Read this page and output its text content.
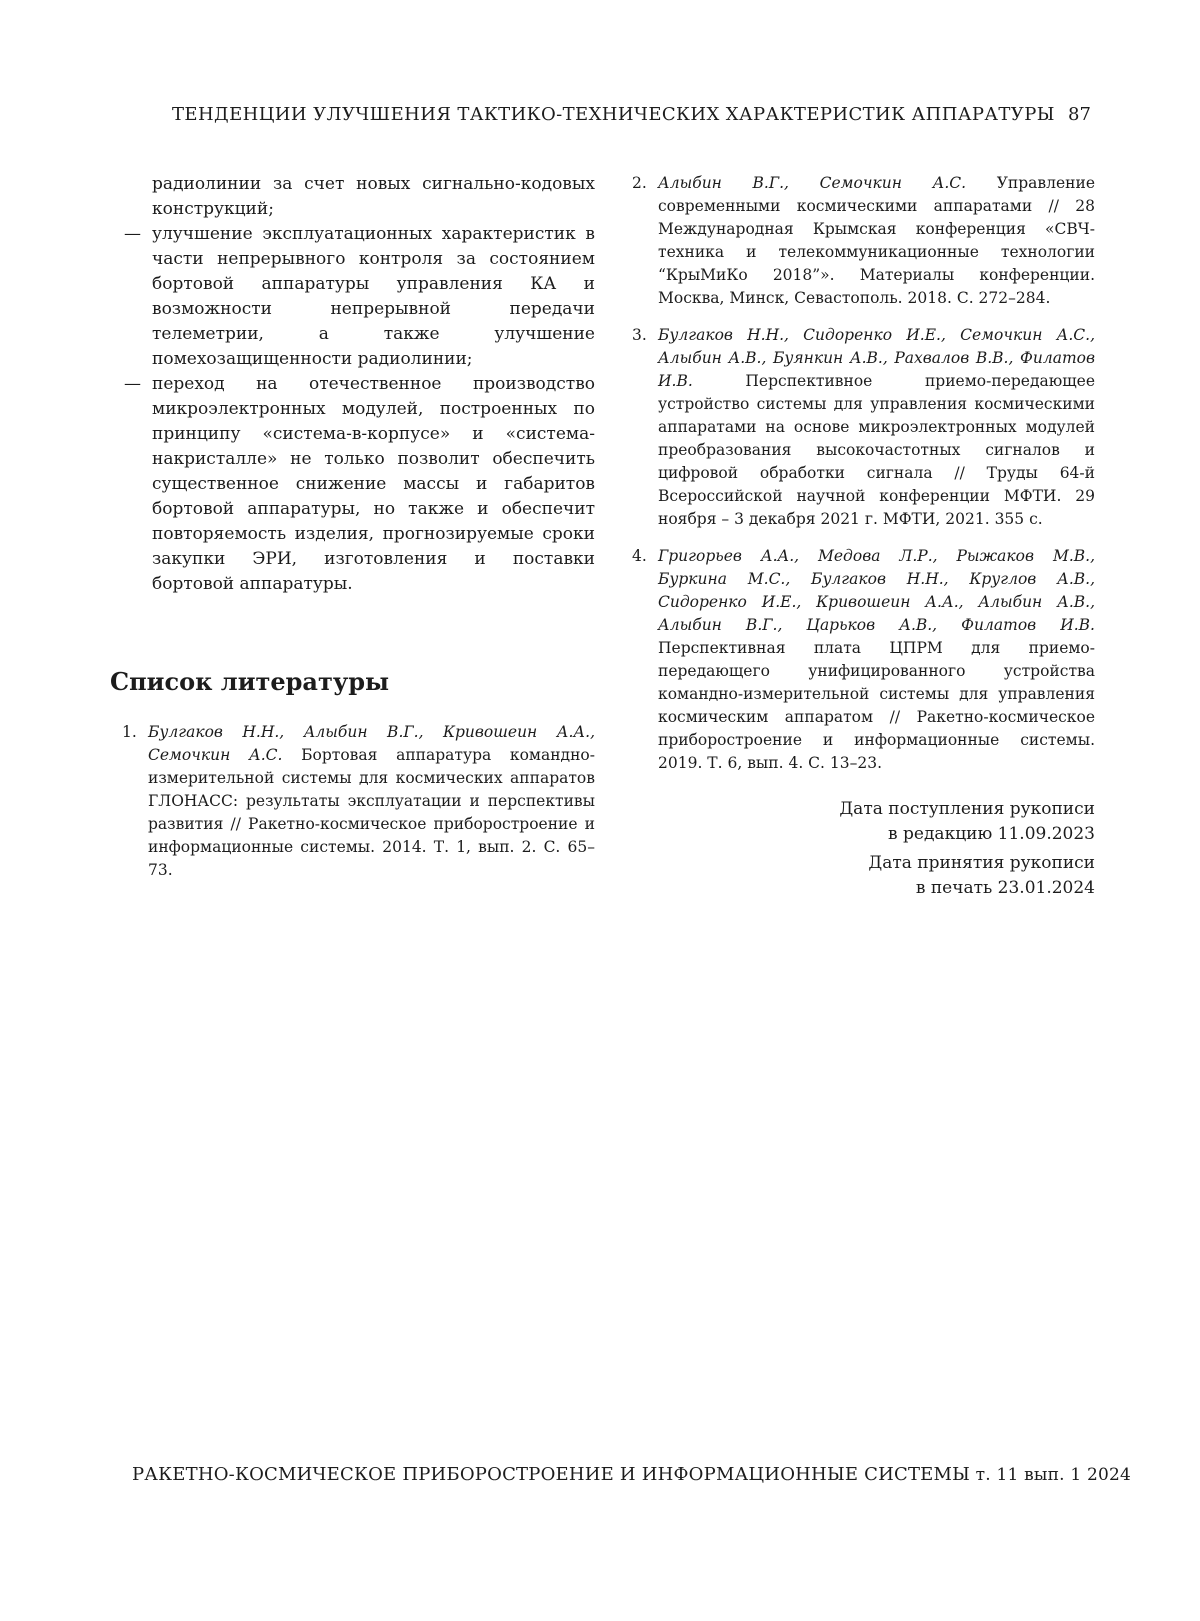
ТЕНДЕНЦИИ УЛУЧШЕНИЯ ТАКТИКО-ТЕХНИЧЕСКИХ ХАРАКТЕРИСТИК АППАРАТУРЫ 87

радиолинии за счет новых сигнально-кодовых конструкций;

— улучшение эксплуатационных характеристик в части непрерывного контроля за состоянием бортовой аппаратуры управления КА и возможности непрерывной передачи телеметрии, а также улучшение помехозащищенности радиолинии;
— переход на отечественное производство микроэлектронных модулей, построенных по принципу «система-в-корпусе» и «система-накристалле» не только позволит обеспечить существенное снижение массы и габаритов бортовой аппаратуры, но также и обеспечит повторяемость изделия, прогнозируемые сроки закупки ЭРИ, изготовления и поставки бортовой аппаратуры.
Список литературы
1. Булгаков Н.Н., Алыбин В.Г., Кривошеин А.А., Семочкин А.С. Бортовая аппаратура командно-измерительной системы для космических аппаратов ГЛОНАСС: результаты эксплуатации и перспективы развития // Ракетно-космическое приборостроение и информационные системы. 2014. Т. 1, вып. 2. С. 65–73.
2. Алыбин В.Г., Семочкин А.С. Управление современными космическими аппаратами // 28 Международная Крымская конференция «СВЧ-техника и телекоммуникационные технологии “КрыМиКо 2018”». Материалы конференции. Москва, Минск, Севастополь. 2018. С. 272–284.
3. Булгаков Н.Н., Сидоренко И.Е., Семочкин А.С., Алыбин А.В., Буянкин А.В., Рахвалов В.В., Филатов И.В. Перспективное приемо-передающее устройство системы для управления космическими аппаратами на основе микроэлектронных модулей преобразования высокочастотных сигналов и цифровой обработки сигнала // Труды 64-й Всероссийской научной конференции МФТИ. 29 ноября – 3 декабря 2021 г. МФТИ, 2021. 355 с.
4. Григорьев А.А., Медова Л.Р., Рыжаков М.В., Буркина М.С., Булгаков Н.Н., Круглов А.В., Сидоренко И.Е., Кривошеин А.А., Алыбин А.В., Алыбин В.Г., Царьков А.В., Филатов И.В. Перспективная плата ЦПРМ для приемо-передающего унифицированного устройства командно-измерительной системы для управления космическим аппаратом // Ракетно-космическое приборостроение и информационные системы. 2019. Т. 6, вып. 4. С. 13–23.

Дата поступления рукописи
в редакцию 11.09.2023

Дата принятия рукописи
в печать 23.01.2024

РАКЕТНО-КОСМИЧЕСКОЕ ПРИБОРОСТРОЕНИЕ И ИНФОРМАЦИОННЫЕ СИСТЕМЫ т. 11 вып. 1 2024
